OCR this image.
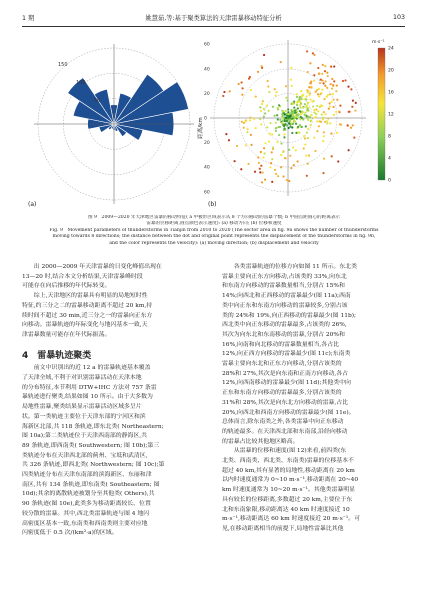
1 期	姚慧茹,等:基于聚类算法的天津雷暴移动特征分析	103
150
100
50
(a)
60
40
20
0
20
40
60
距离/km
m·s⁻¹
24
20
16
12
8
4
0
(b)
图 9　2009—2020 年天津地区雷暴的移动特征( a 中极形区域表示从 8 个方向移动的雷暴个数; b 中圆点距圆心的距离表示
雷暴的位移距离,圆点颜色表示速度): (a) 移动方向; (b) 位移和速度
Fig. 9　Movement parameters of thunderstorms in Tianjin from 2010 to 2020 (The sector area in fig. 9a shows the number of thunderstorms
moving towards 8 directions; the distance between the dot and original point represents the displacement of the thunderstorms in fig. 9b,
and the color represents the velocity): (a) moving direction; (b) displacement and velocity
出 2000—2009 年天津雷暴的日变化峰值出现在
13—20 时,结合本文分析结果,天津雷暴峰时段
可能存在向后推移的年代际转变。
综上,天津地区的雷暴具有明显的局地短时性
特征,约三分之二的雷暴移动距离不超过 20 km,持
续时间不超过 30 min,近三分之一的雷暴向正东方
向移动。雷暴轨迹的年际变化与地闪基本一致,天
津雷暴数量可能存在年代际振荡。
4　雷暴轨迹聚类
前文中识别出的近 12 a 的雷暴轨迹基本覆盖
了天津全域,不利于对识别雷暴活动在天津本地
的分布特征,本节利用 DTW+IHC 方法对 757 条雷
暴轨迹进行聚类,结果如图 10 所示。由于大多数为
局地性雷暴,聚类结果显示雷暴活动区域多呈片
状。第一类轨迹主要位于天津东部的宁河区和滨
海新区北部,共 118 条轨迹,即东北类( Northeastern;
图 10a);第二类轨迹位于天津西南部的静海区,共
89 条轨迹,即西南类( Southwestern; 图 10b);第三
类轨迹分布在天津西北部的蓟州、宝坻和武清区,
共 326 条轨迹,即西北类( Northwestern; 图 10c);第
四类轨迹分布在天津东南部的滨海新区、东丽和津
南区,共有 134 条轨迹,即东南类( Southeastern; 图
10d);其余的离散轨迹被划分至其他类( Others),共
90 条轨迹(图 10e),此类多为移动距离较长、位置
较分散的雷暴。其中,西北类雷暴轨迹与图 4 地闪
高密度区基本一致,东南类和西南类则主要对应地
闪密度低于 0.5 次/(km²·a)的区域。
各类雷暴轨迹的位移方向如图 11 所示。东北类
雷暴主要向正东方向移动,占该类的 33%,向东北
和东南方向移动的雷暴数量相当,分别占 15%和
14%;向西北和正西移动的雷暴最少(图 11a);西南
类中向正东和东南方向移动的雷暴较多,分别占该
类的 24%和 19%,向正西移动的雷暴最少(图 11b);
西北类中向正东移动的雷暴最多,占该类的 26%,
其次为向东北和东南移动的雷暴,分别占 20%和
16%,向南和向北移动的雷暴数量相当,各占比
12%,向正西方向移动的雷暴最少(图 11c);东南类
雷暴主要向东北和正东方向移动,分别占该类的
28%和 27%,其次是向东南和正南方向移动,各占
12%,向西南移动的雷暴最少(图 11d);其他类中向
正东和东南方向移动的雷暴最多,分别占该类的
31%和 28%,其次是向东北方向移动的雷暴,占比
20%,向西北和西南方向移动的雷暴最少(图 11e)。
总体而言,除东南类之外,各类雷暴中向正东移动
的轨迹最多。在天津西北部和东南部,沿经向移动
的雷暴占比较其他地区略高。
从雷暴的位移和速度(图 12)来看,前四类(东
北类、西南类、西北类、东南类)雷暴的位移基本不
超过 40 km,其有显著的局地性,移动距离在 20 km
以内时速度通常为 0~10 m·s⁻¹,移动距离在 20~40
km 时速度通常为 10~20 m·s⁻¹。其他类雷暴明显
具有较长的位移距离,多数超过 20 km,主要位于东
北和东南象限,移动距离达 40 km 时速度接近 10
m·s⁻¹,移动距离达 60 km 时速度接近 20 m·s⁻¹。可
见,在移动距离相当的前提下,局地性雷暴比其他
